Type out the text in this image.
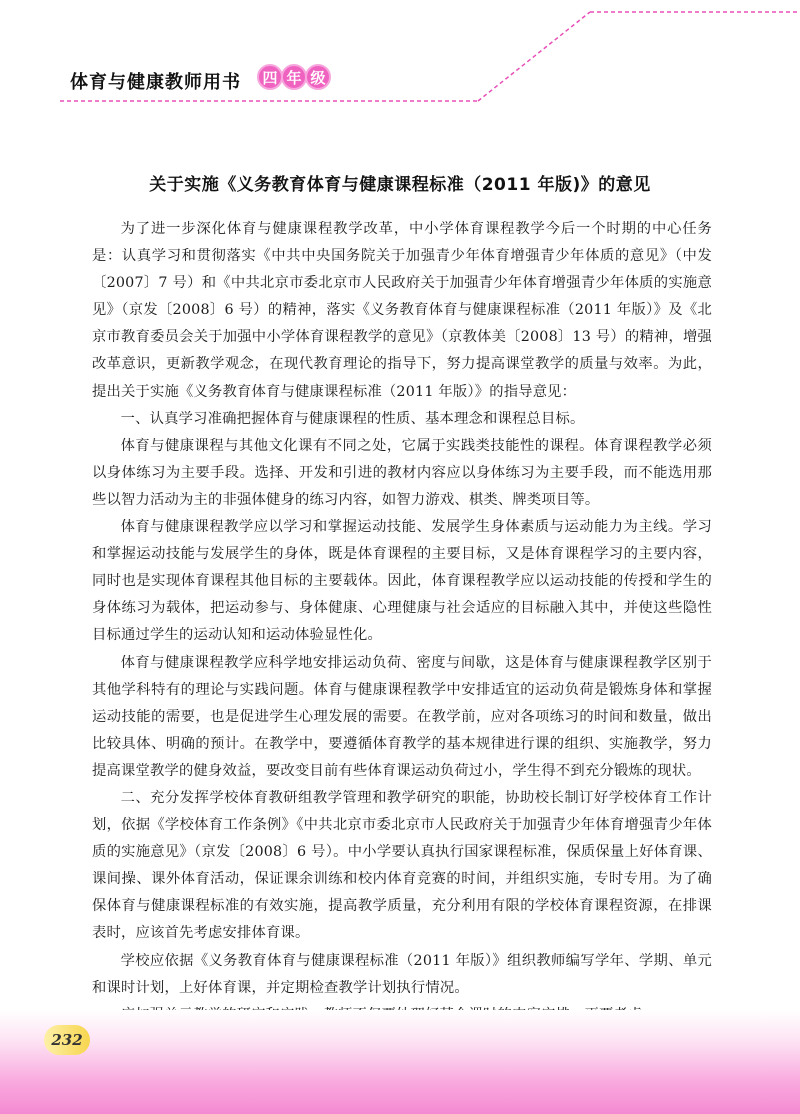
体育与健康教师用书	四 年 级
关于实施《义务教育体育与健康课程标准（2011 年版)》的意见

为了进一步深化体育与健康课程教学改革，中小学体育课程教学今后一个时期的中心任务是：认真学习和贯彻落实《中共中央国务院关于加强青少年体育增强青少年体质的意见》（中发〔2007〕7 号）和《中共北京市委北京市人民政府关于加强青少年体育增强青少年体质的实施意见》（京发〔2008〕6 号）的精神，落实《义务教育体育与健康课程标准（2011 年版）》及《北京市教育委员会关于加强中小学体育课程教学的意见》（京教体美〔2008〕13 号）的精神，增强改革意识，更新教学观念，在现代教育理论的指导下，努力提高课堂教学的质量与效率。为此，提出关于实施《义务教育体育与健康课程标准（2011 年版）》的指导意见：

一、认真学习准确把握体育与健康课程的性质、基本理念和课程总目标。

体育与健康课程与其他文化课有不同之处，它属于实践类技能性的课程。体育课程教学必须以身体练习为主要手段。选择、开发和引进的教材内容应以身体练习为主要手段，而不能选用那些以智力活动为主的非强体健身的练习内容，如智力游戏、棋类、牌类项目等。

体育与健康课程教学应以学习和掌握运动技能、发展学生身体素质与运动能力为主线。学习和掌握运动技能与发展学生的身体，既是体育课程的主要目标，又是体育课程学习的主要内容，同时也是实现体育课程其他目标的主要载体。因此，体育课程教学应以运动技能的传授和学生的身体练习为载体，把运动参与、身体健康、心理健康与社会适应的目标融入其中，并使这些隐性目标通过学生的运动认知和运动体验显性化。

体育与健康课程教学应科学地安排运动负荷、密度与间歇，这是体育与健康课程教学区别于其他学科特有的理论与实践问题。体育与健康课程教学中安排适宜的运动负荷是锻炼身体和掌握运动技能的需要，也是促进学生心理发展的需要。在教学前，应对各项练习的时间和数量，做出比较具体、明确的预计。在教学中，要遵循体育教学的基本规律进行课的组织、实施教学，努力提高课堂教学的健身效益，要改变目前有些体育课运动负荷过小，学生得不到充分锻炼的现状。

二、充分发挥学校体育教研组教学管理和教学研究的职能，协助校长制订好学校体育工作计划，依据《学校体育工作条例》《中共北京市委北京市人民政府关于加强青少年体育增强青少年体质的实施意见》（京发〔2008〕6 号）。中小学要认真执行国家课程标准，保质保量上好体育课、课间操、课外体育活动，保证课余训练和校内体育竞赛的时间，并组织实施，专时专用。为了确保体育与健康课程标准的有效实施，提高教学质量，充分利用有限的学校体育课程资源，在排课表时，应该首先考虑安排体育课。

学校应依据《义务教育体育与健康课程标准（2011 年版）》组织教师编写学年、学期、单元和课时计划，上好体育课，并定期检查教学计划执行情况。

232
